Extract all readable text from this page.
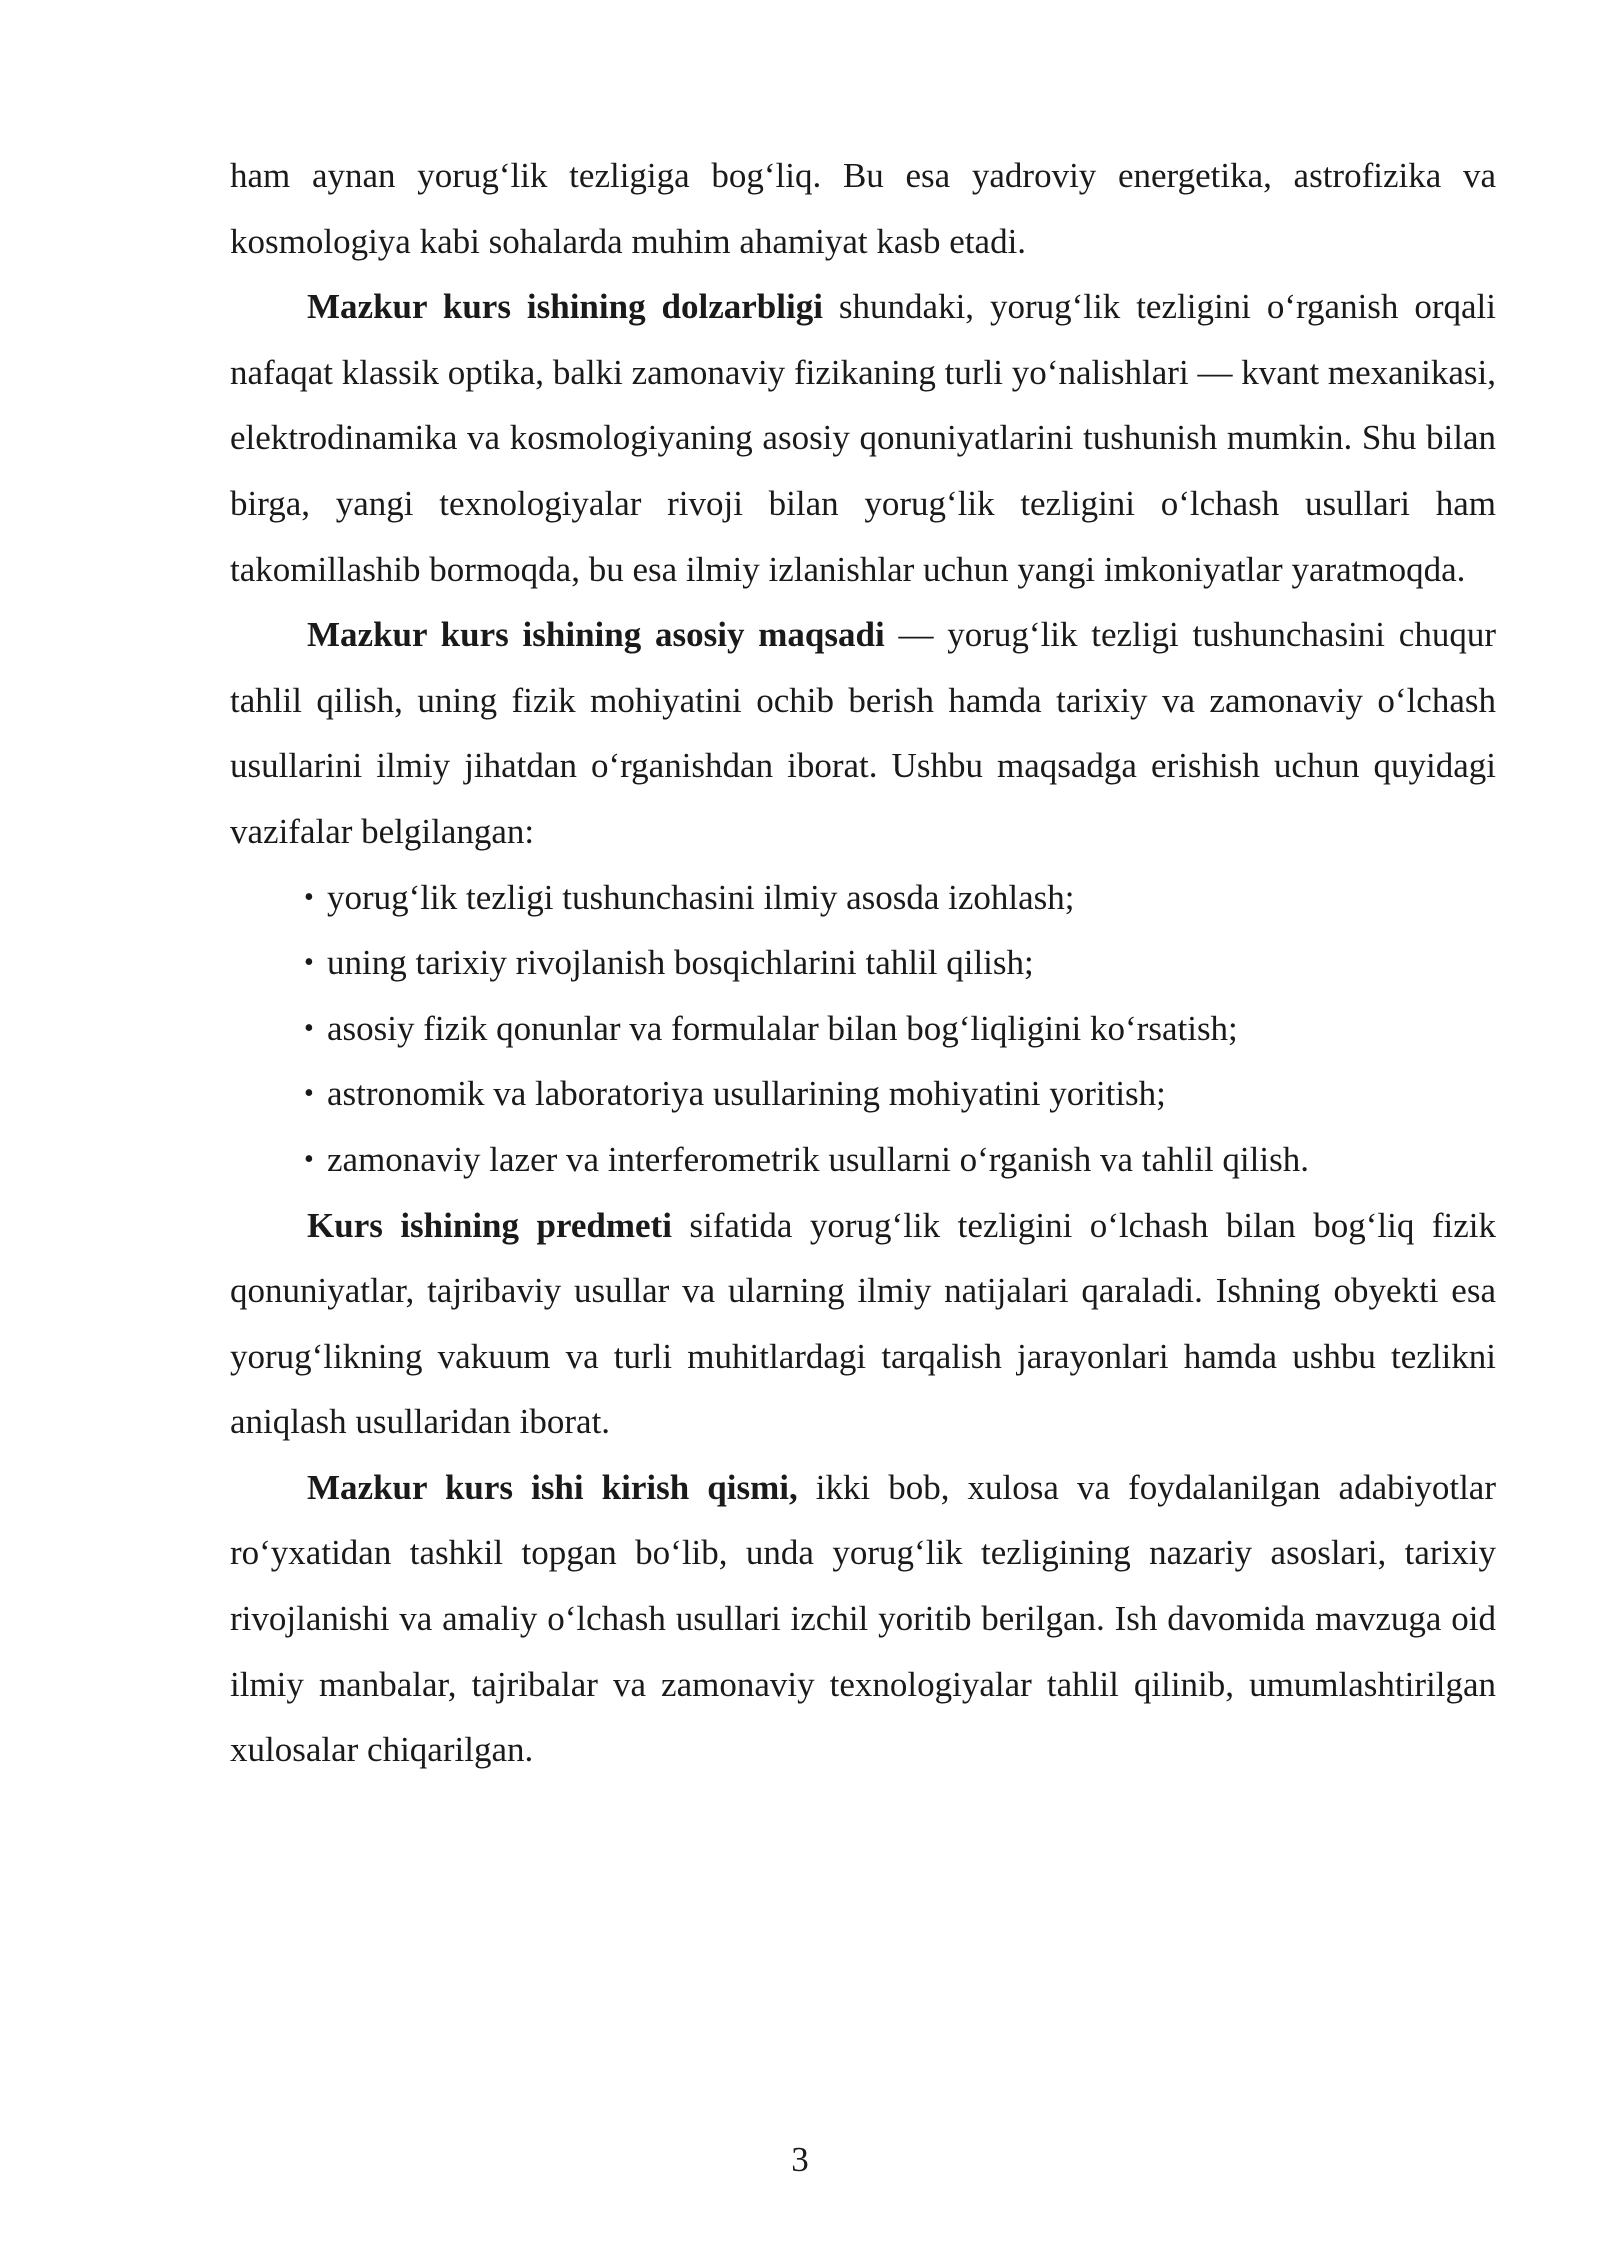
ham aynan yorug‘lik tezligiga bog‘liq. Bu esa yadroviy energetika, astrofizika va kosmologiya kabi sohalarda muhim ahamiyat kasb etadi.

Mazkur kurs ishining dolzarbligi shundaki, yorug‘lik tezligini o‘rganish orqali nafaqat klassik optika, balki zamonaviy fizikaning turli yo‘nalishlari — kvant mexanikasi, elektrodinamika va kosmologiyaning asosiy qonuniyatlarini tushunish mumkin. Shu bilan birga, yangi texnologiyalar rivoji bilan yorug‘lik tezligini o‘lchash usullari ham takomillashib bormoqda, bu esa ilmiy izlanishlar uchun yangi imkoniyatlar yaratmoqda.

Mazkur kurs ishining asosiy maqsadi — yorug‘lik tezligi tushunchasini chuqur tahlil qilish, uning fizik mohiyatini ochib berish hamda tarixiy va zamonaviy o‘lchash usullarini ilmiy jihatdan o‘rganishdan iborat. Ushbu maqsadga erishish uchun quyidagi vazifalar belgilangan:

• yorug‘lik tezligi tushunchasini ilmiy asosda izohlash;
• uning tarixiy rivojlanish bosqichlarini tahlil qilish;
• asosiy fizik qonunlar va formulalar bilan bog‘liqligini ko‘rsatish;
• astronomik va laboratoriya usullarining mohiyatini yoritish;
• zamonaviy lazer va interferometrik usullarni o‘rganish va tahlil qilish.

Kurs ishining predmeti sifatida yorug‘lik tezligini o‘lchash bilan bog‘liq fizik qonuniyatlar, tajribaviy usullar va ularning ilmiy natijalari qaraladi. Ishning obyekti esa yorug‘likning vakuum va turli muhitlardagi tarqalish jarayonlari hamda ushbu tezlikni aniqlash usullaridan iborat.

Mazkur kurs ishi kirish qismi, ikki bob, xulosa va foydalanilgan adabiyotlar ro‘yxatidan tashkil topgan bo‘lib, unda yorug‘lik tezligining nazariy asoslari, tarixiy rivojlanishi va amaliy o‘lchash usullari izchil yoritib berilgan. Ish davomida mavzuga oid ilmiy manbalar, tajribalar va zamonaviy texnologiyalar tahlil qilinib, umumlashtirilgan xulosalar chiqarilgan.

3
